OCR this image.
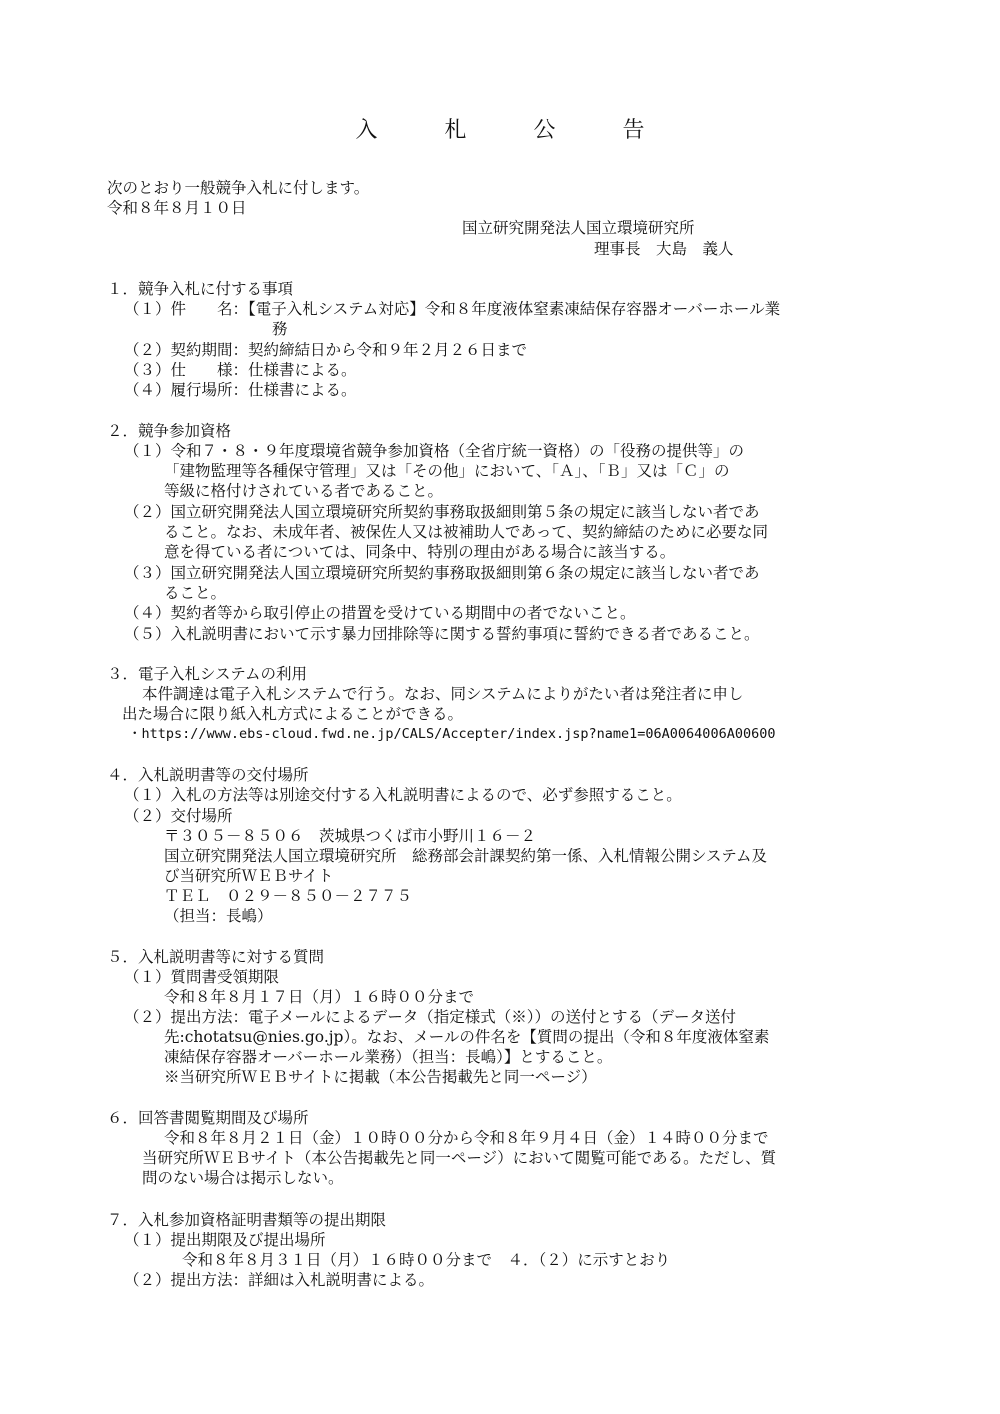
入 札 公 告
次のとおり一般競争入札に付します。
令和８年８月１０日
国立研究開発法人国立環境研究所
理事長　大島　義人
１．競争入札に付する事項
（１）件　　名：【電子入札システム対応】令和８年度液体窒素凍結保存容器オーバーホール業
務
（２）契約期間：契約締結日から令和９年２月２６日まで
（３）仕　　様：仕様書による。
（４）履行場所：仕様書による。
２．競争参加資格
（１）令和７・８・９年度環境省競争参加資格（全省庁統一資格）の「役務の提供等」の
「建物監理等各種保守管理」又は「その他」において、「Ａ」、「Ｂ」又は「Ｃ」の
等級に格付けされている者であること。
（２）国立研究開発法人国立環境研究所契約事務取扱細則第５条の規定に該当しない者であ
ること。なお、未成年者、被保佐人又は被補助人であって、契約締結のために必要な同
意を得ている者については、同条中、特別の理由がある場合に該当する。
（３）国立研究開発法人国立環境研究所契約事務取扱細則第６条の規定に該当しない者であ
ること。
（４）契約者等から取引停止の措置を受けている期間中の者でないこと。
（５）入札説明書において示す暴力団排除等に関する誓約事項に誓約できる者であること。
３．電子入札システムの利用
本件調達は電子入札システムで行う。なお、同システムによりがたい者は発注者に申し
出た場合に限り紙入札方式によることができる。
・https://www.ebs-cloud.fwd.ne.jp/CALS/Accepter/index.jsp?name1=06A0064006A00600
４．入札説明書等の交付場所
（１）入札の方法等は別途交付する入札説明書によるので、必ず参照すること。
（２）交付場所
〒３０５－８５０６　茨城県つくば市小野川１６－２
国立研究開発法人国立環境研究所　総務部会計課契約第一係、入札情報公開システム及
び当研究所ＷＥＢサイト
ＴＥＬ　０２９－８５０－２７７５
（担当：長嶋）
５．入札説明書等に対する質問
（１）質問書受領期限
令和８年８月１７日（月）１６時００分まで
（２）提出方法：電子メールによるデータ（指定様式（※））の送付とする（データ送付
先:chotatsu@nies.go.jp）。なお、メールの件名を【質問の提出（令和８年度液体窒素
凍結保存容器オーバーホール業務）（担当：長嶋）】とすること。
※当研究所ＷＥＢサイトに掲載（本公告掲載先と同一ページ）
６．回答書閲覧期間及び場所
令和８年８月２１日（金）１０時００分から令和８年９月４日（金）１４時００分まで
当研究所ＷＥＢサイト（本公告掲載先と同一ページ）において閲覧可能である。ただし、質
問のない場合は掲示しない。
７．入札参加資格証明書類等の提出期限
（１）提出期限及び提出場所
令和８年８月３１日（月）１６時００分まで　４．（２）に示すとおり
（２）提出方法：詳細は入札説明書による。
